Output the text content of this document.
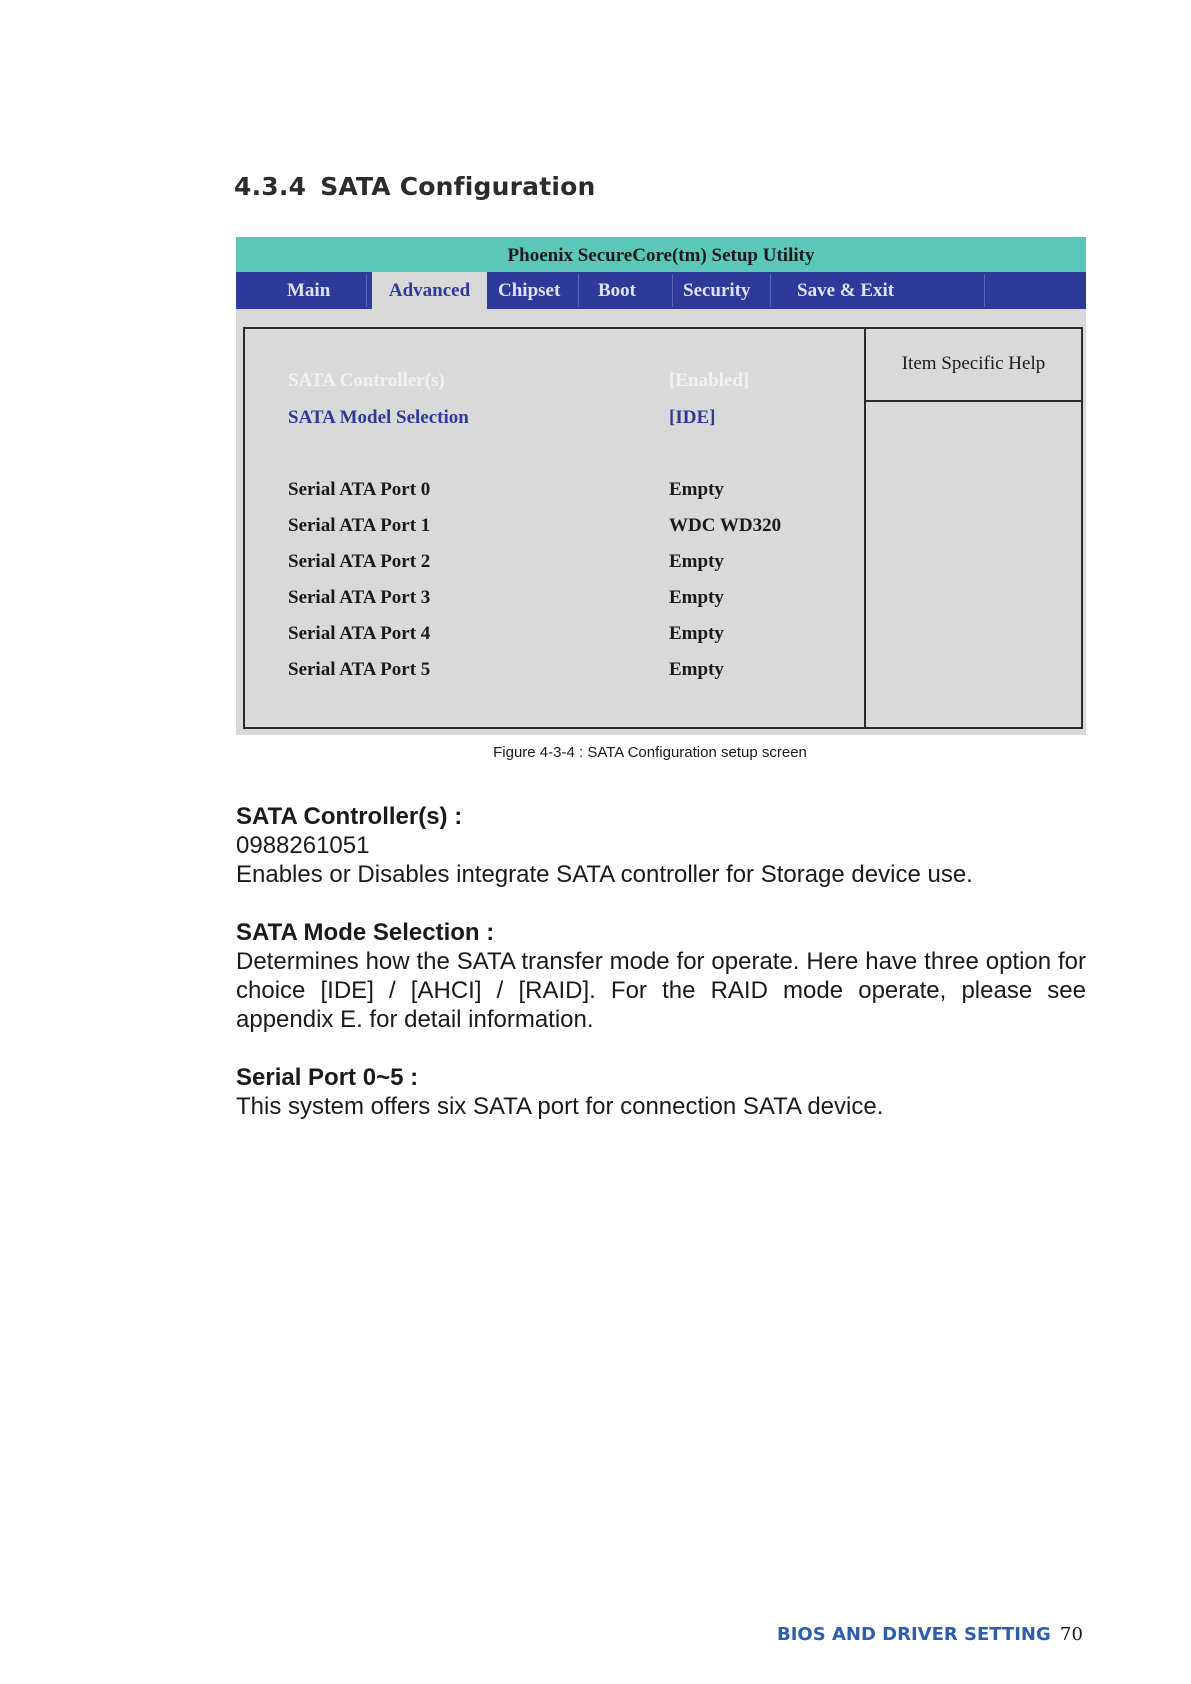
4.3.4 SATA Configuration
Phoenix SecureCore(tm) Setup Utility
Main	Advanced	Chipset Boot Security Save & Exit
SATA Controller(s)	[Enabled]
SATA Model Selection	[IDE]
Serial ATA Port 0	Empty
Serial ATA Port 1	WDC WD320
Serial ATA Port 2	Empty
Serial ATA Port 3	Empty
Serial ATA Port 4	Empty
Serial ATA Port 5	Empty
Item Specific Help
Figure 4-3-4 : SATA Configuration setup screen

SATA Controller(s) :

0988261051

Enables or Disables integrate SATA controller for Storage device use.

SATA Mode Selection :

Determines how the SATA transfer mode for operate. Here have three option for choice [IDE] / [AHCI] / [RAID]. For the RAID mode operate, please see appendix E. for detail information.

Serial Port 0~5 :

This system offers six SATA port for connection SATA device.

BIOS AND DRIVER SETTING 70
